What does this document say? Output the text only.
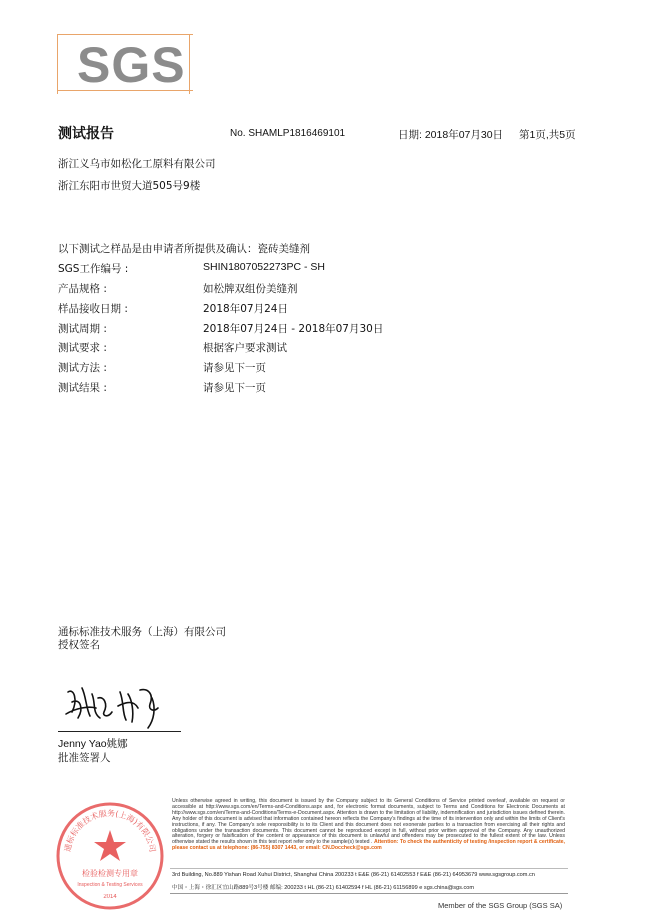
SGS
测试报告	No. SHAMLP1816469101	日期: 2018年07月30日 第1页,共5页
浙江义乌市如松化工原料有限公司
浙江东阳市世贸大道505号9楼
以下测试之样品是由申请者所提供及确认：瓷砖美缝剂
SGS工作编号 :	SHIN1807052273PC - SH
产品规格 :	如松牌双组份美缝剂
样品接收日期 :	2018年07月24日
测试周期 :	2018年07月24日 - 2018年07月30日
测试要求 :	根据客户要求测试
测试方法 :	请参见下一页
测试结果 :	请参见下一页
通标标准技术服务（上海）有限公司
授权签名
Jenny Yao姚娜
批准签署人
通标标准技术服务(上海)有限公司
检验检测专用章
Inspection & Testing Services
2014
Unless otherwise agreed in writing, this document is issued by the Company subject to its General Conditions of Service printed overleaf, available on request or accessible at http://www.sgs.com/en/Terms-and-Conditions.aspx and, for electronic format documents, subject to Terms and Conditions for Electronic Documents at http://www.sgs.com/en/Terms-and-Conditions/Terms-e-Document.aspx. Attention is drawn to the limitation of liability, indemnification and jurisdiction issues defined therein. Any holder of this document is advised that information contained hereon reflects the Company's findings at the time of its intervention only and within the limits of Client's instructions, if any. The Company's sole responsibility is to its Client and this document does not exonerate parties to a transaction from exercising all their rights and obligations under the transaction documents. This document cannot be reproduced except in full, without prior written approval of the Company. Any unauthorized alteration, forgery or falsification of the content or appearance of this document is unlawful and offenders may be prosecuted to the fullest extent of the law. Unless otherwise stated the results shown in this test report refer only to the sample(s) tested . Attention: To check the authenticity of testing /inspection report & certificate, please contact us at telephone: (86-755) 8307 1443, or email: CN.Doccheck@sgs.com
3rd Building, No.889 Yishan Road Xuhui District, Shanghai China 200233 t E&E (86-21) 61402553 f E&E (86-21) 64953679 www.sgsgroup.com.cn
中国・上海・徐汇区宜山路889号3号楼 邮编: 200233 t HL (86-21) 61402594 f HL (86-21) 61156899 e sgs.china@sgs.com
Member of the SGS Group (SGS SA)
